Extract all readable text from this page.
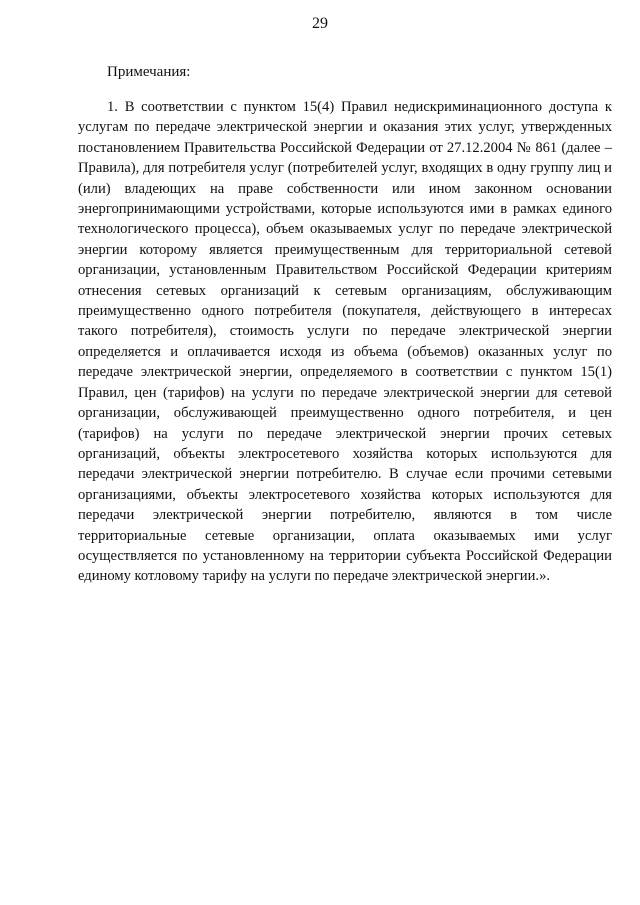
29
Примечания:

1. В соответствии с пунктом 15(4) Правил недискриминационного доступа к услугам по передаче электрической энергии и оказания этих услуг, утвержденных постановлением Правительства Российской Федерации от 27.12.2004 № 861 (далее – Правила), для потребителя услуг (потребителей услуг, входящих в одну группу лиц и (или) владеющих на праве собственности или ином законном основании энергопринимающими устройствами, которые используются ими в рамках единого технологического процесса), объем оказываемых услуг по передаче электрической энергии которому является преимущественным для территориальной сетевой организации, установленным Правительством Российской Федерации критериям отнесения сетевых организаций к сетевым организациям, обслуживающим преимущественно одного потребителя (покупателя, действующего в интересах такого потребителя), стоимость услуги по передаче электрической энергии определяется и оплачивается исходя из объема (объемов) оказанных услуг по передаче электрической энергии, определяемого в соответствии с пунктом 15(1) Правил, цен (тарифов) на услуги по передаче электрической энергии для сетевой организации, обслуживающей преимущественно одного потребителя, и цен (тарифов) на услуги по передаче электрической энергии прочих сетевых организаций, объекты электросетевого хозяйства которых используются для передачи электрической энергии потребителю. В случае если прочими сетевыми организациями, объекты электросетевого хозяйства которых используются для передачи электрической энергии потребителю, являются в том числе территориальные сетевые организации, оплата оказываемых ими услуг осуществляется по установленному на территории субъекта Российской Федерации единому котловому тарифу на услуги по передаче электрической энергии.».
